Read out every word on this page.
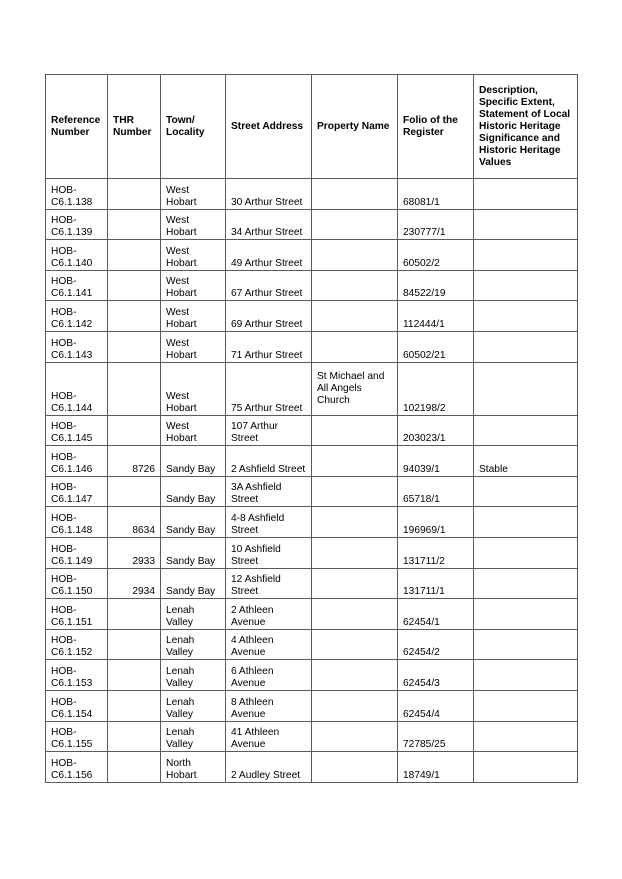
Reference Number	THR Number	Town/ Locality	Street Address	Property Name	Folio of the Register	Description, Specific Extent, Statement of Local Historic Heritage Significance and Historic Heritage Values
HOB-C6.1.138		West Hobart	30 Arthur Street		68081/1	
HOB-C6.1.139		West Hobart	34 Arthur Street		230777/1	
HOB-C6.1.140		West Hobart	49 Arthur Street		60502/2	
HOB-C6.1.141		West Hobart	67 Arthur Street		84522/19	
HOB-C6.1.142		West Hobart	69 Arthur Street		112444/1	
HOB-C6.1.143		West Hobart	71 Arthur Street		60502/21	
HOB-C6.1.144		West Hobart	75 Arthur Street	St Michael and All Angels Church	102198/2	
HOB-C6.1.145		West Hobart	107 Arthur Street		203023/1	
HOB-C6.1.146	8726	Sandy Bay	2 Ashfield Street		94039/1	Stable
HOB-C6.1.147		Sandy Bay	3A Ashfield Street		65718/1	
HOB-C6.1.148	8634	Sandy Bay	4-8 Ashfield Street		196969/1	
HOB-C6.1.149	2933	Sandy Bay	10 Ashfield Street		131711/2	
HOB-C6.1.150	2934	Sandy Bay	12 Ashfield Street		131711/1	
HOB-C6.1.151		Lenah Valley	2 Athleen Avenue		62454/1	
HOB-C6.1.152		Lenah Valley	4 Athleen Avenue		62454/2	
HOB-C6.1.153		Lenah Valley	6 Athleen Avenue		62454/3	
HOB-C6.1.154		Lenah Valley	8 Athleen Avenue		62454/4	
HOB-C6.1.155		Lenah Valley	41 Athleen Avenue		72785/25	
HOB-C6.1.156		North Hobart	2 Audley Street		18749/1	
